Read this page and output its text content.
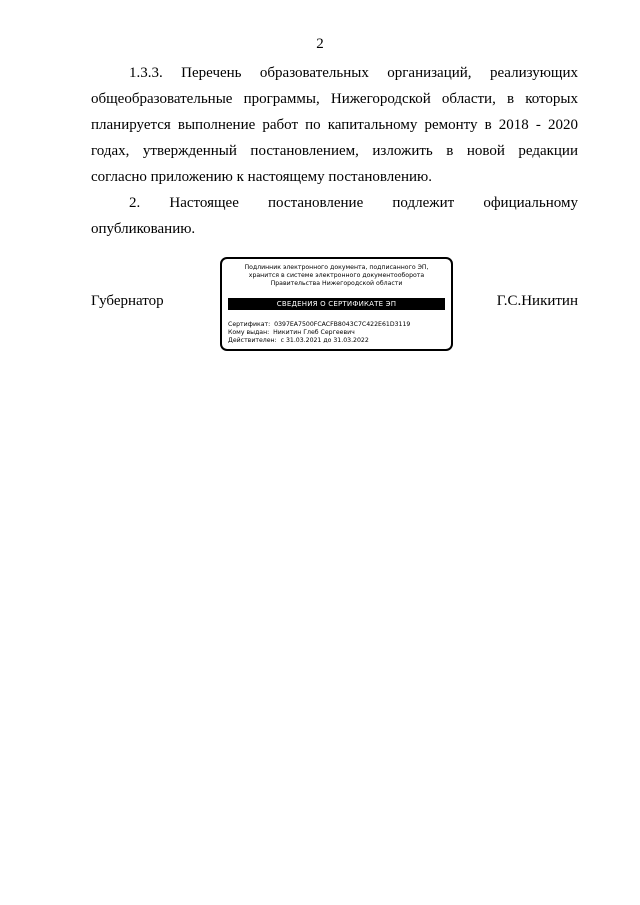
2

1.3.3. Перечень образовательных организаций, реализующих общеобразовательные программы, Нижегородской области, в которых планируется выполнение работ по капитальному ремонту в 2018 - 2020 годах, утвержденный постановлением, изложить в новой редакции согласно приложению к настоящему постановлению.

2. Настоящее постановление подлежит официальному опубликованию.

Губернатор
Подлинник электронного документа, подписанного ЭП,
хранится в системе электронного документооборота
Правительства Нижегородской области
СВЕДЕНИЯ О СЕРТИФИКАТЕ ЭП
Сертификат:  0397EA7500FCACFB8043C7C422E61D3119
Кому выдан:  Никитин Глеб Сергеевич
Действителен:  с 31.03.2021 до 31.03.2022
Г.С.Никитин
